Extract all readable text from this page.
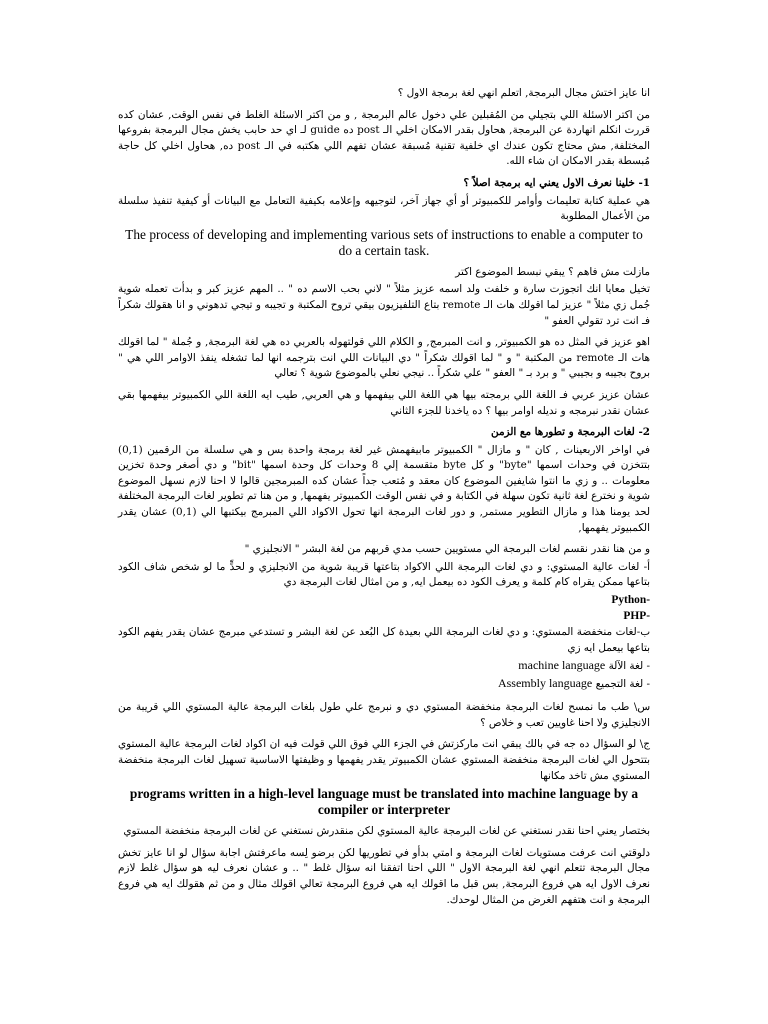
انا عايز اختش مجال البرمجة, اتعلم انهي لغة برمجة الاول ؟

من اكتر الاسئلة اللي بتجيلي من المُقبلين علي دخول عالم البرمجة , و من اكتر الاسئلة الغلط في نفس الوقت, عشان كده قررت انكلم انهاردة عن البرمجة, هحاول بقدر الامكان اخلي الـ post ده guide لـ اي حد حابب يخش مجال البرمجة بفروعها المختلفة, مش محتاج تكون عندك اي خلفية تقنية مُسبقة عشان تفهم اللي هكتبه في الـ post ده, هحاول اخلي كل حاجة مُبسطة بقدر الامكان ان شاء الله.

1- خلينا نعرف الاول يعني ايه برمجة اصلاً ؟

هي عملية كتابة تعليمات وأوامر للكمبيوتر أو أي جهاز آخر، لتوجيهه وإعلامه بكيفية التعامل مع البيانات أو كيفية تنفيذ سلسلة من الأعمال المطلوبة

The process of developing and implementing various sets of instructions to enable a computer to do a certain task.

مازلت مش فاهم ؟ يبقي نبسط الموضوع اكتر

تخيل معايا انك اتجوزت سارة و خلفت ولد اسمه عزيز مثلاً " لاني بحب الاسم ده " .. المهم عزيز كبر و بدأت تعمله شوية جُمل زي مثلاً " عزيز لما اقولك هات الـ remote بتاع التلفيزيون بيقي تروح المكتبة و تجيبه و تيجي تدهوني و انا هقولك شكراً فـ انت ترد تقولي العفو "

اهو عزيز في المثل ده هو الكمبيوتر, و انت المبرمج, و الكلام اللي قولتهوله بالعربي ده هي لغة البرمجة, و جُملة " لما اقولك هات الـ remote من المكتبة " و " لما اقولك شكراً " دي البيانات اللي انت بترجمه انها لما تشغله ينفذ الاوامر اللي هي " بروح بجيبه و بجيبي " و برد بـ " العفو " علي شكراً .. نيجي نعلي بالموضوع شوية ؟ تعالي

عشان عزيز عربي فـ اللغة اللي برمجته بيها هي اللغة اللي بيفهمها و هي العربي, طيب ايه اللغة اللي الكمبيوتر بيفهمها بقي عشان نقدر نبرمجه و نديله اوامر بيها ؟ ده ياخدنا للجزء الثاني

2- لغات البرمجة و تطورها مع الزمن

في اواخر الاربعينات , كان " و مازال " الكمبيوتر مابيفهمش غير لغة برمجة واحدة بس و هي سلسلة من الرقمين (0,1) بتتخزن في وحدات اسمها "byte" و كل byte متقسمة إلي 8 وحدات كل وحدة اسمها "bit" و دي أصغر وحدة تخزين معلومات .. و زي ما انتوا شايفين الموضوع كان معقد و مُتعب جداً عشان كده المبرمجين قالوا لا احنا لازم نسهل الموضوع شوية و نخترع لغة ثانية تكون سهلة في الكتابة و في نفس الوقت الكمبيوتر يفهمها, و من هنا تم تطوير لغات البرمجة المختلفة لحد يومنا هذا و مازال التطوير مستمر, و دور لغات البرمجة انها تحول الاكواد اللي المبرمج بيكتبها الي (0,1) عشان يقدر الكمبيوتر يفهمها,

و من هنا نقدر نقسم لغات البرمجة الي مستويين حسب مدي قربهم من لغة البشر " الانجليزي "

أ- لغات عالية المستوي: و دي لغات البرمجة اللي الاكواد بتاعتها قريبة شوية من الانجليزي و لحدٍّ ما لو شخص شاف الكود بتاعها ممكن يقراه كام كلمة و يعرف الكود ده بيعمل ايه, و من امثال لغات البرمجة دي

Python-

PHP-

ب-لغات منخفضة المستوي: و دي لغات البرمجة اللي بعيدة كل البُعد عن لغة البشر و تستدعي مبرمج عشان يقدر يفهم الكود بتاعها بيعمل ايه زي

- لغة الآلة machine language

- لغة التجميع Assembly language

س\ طب ما نمسح لغات البرمجة منخفضة المستوي دي و نبرمج علي طول بلغات البرمجة عالية المستوي اللي قريبة من الانجليزي ولا احنا غاويين تعب و خلاص ؟

ج\ لو السؤال ده جه في بالك يبقي انت ماركزتش في الجزء اللي فوق اللي قولت فيه ان اكواد لغات البرمجة عالية المستوي بتتحول الي لغات البرمجة منخفضة المستوي عشان الكمبيوتر يقدر يفهمها و وظيفتها الاساسية تسهيل لغات البرمجة منخفضة المستوي مش تاخد مكانها

programs written in a high-level language must be translated into machine language by a compiler or interpreter

بختصار يعني احنا نقدر نستغني عن لغات البرمجة عالية المستوي لكن منقدرش نستغني عن لغات البرمجة منخفضة المستوي

دلوقتي انت عرفت مستويات لغات البرمجة و امتي بدأو في تطوريها لكن برضو لِسه ماعرفتش اجابة سؤال لو انا عايز تخش مجال البرمجة تتعلم انهي لغة البرمجة الاول " اللي احنا اتفقنا انه سؤال غلط " .. و عشان نعرف ليه هو سؤال غلط لازم نعرف الاول ايه هي فروع البرمجة, بس قبل ما اقولك ايه هي فروع البرمجة تعالي اقولك مثال و من ثم هقولك ايه هي فروع البرمجة و انت هتفهم الغرض من المثال لوحدك.
